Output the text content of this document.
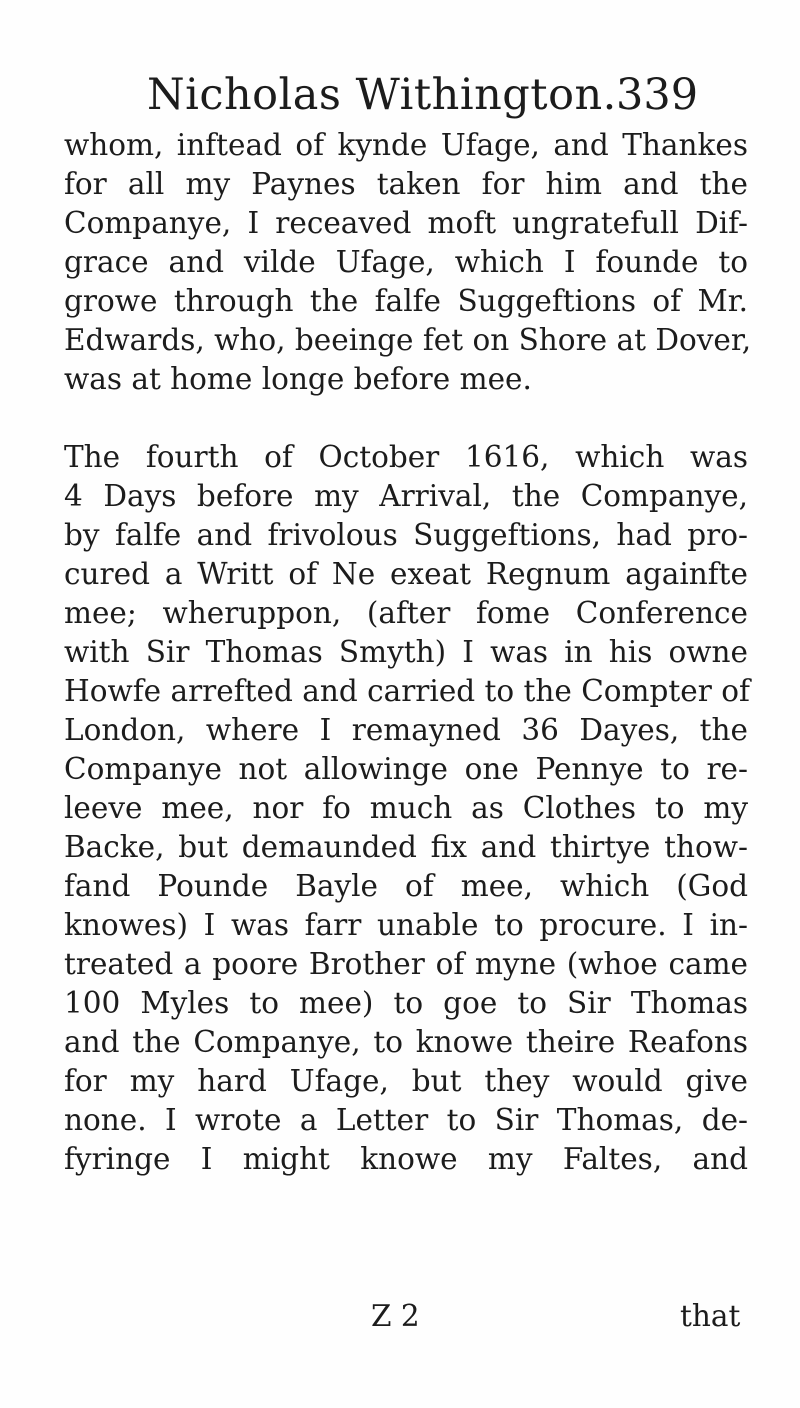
Nicholas Withington. 339
whom, inftead of kynde Ufage, and Thankes
for all my Paynes taken for him and the
Companye, I receaved moft ungratefull Dif-
grace and vilde Ufage, which I founde to
growe through the falfe Suggeftions of Mr.
Edwards, who, beeinge fet on Shore at Dover,
was at home longe before mee.
The fourth of October 1616, which was
4 Days before my Arrival, the Companye,
by falfe and frivolous Suggeftions, had pro-
cured a Writt of Ne exeat Regnum againfte
mee; wheruppon, (after fome Conference
with Sir Thomas Smyth) I was in his owne
Howfe arrefted and carried to the Compter of
London, where I remayned 36 Dayes, the
Companye not allowinge one Pennye to re-
leeve mee, nor fo much as Clothes to my
Backe, but demaunded fix and thirtye thow-
fand Pounde Bayle of mee, which (God
knowes) I was farr unable to procure. I in-
treated a poore Brother of myne (whoe came
100 Myles to mee) to goe to Sir Thomas
and the Companye, to knowe theire Reafons
for my hard Ufage, but they would give
none. I wrote a Letter to Sir Thomas, de-
fyringe I might knowe my Faltes, and
Z 2	that
